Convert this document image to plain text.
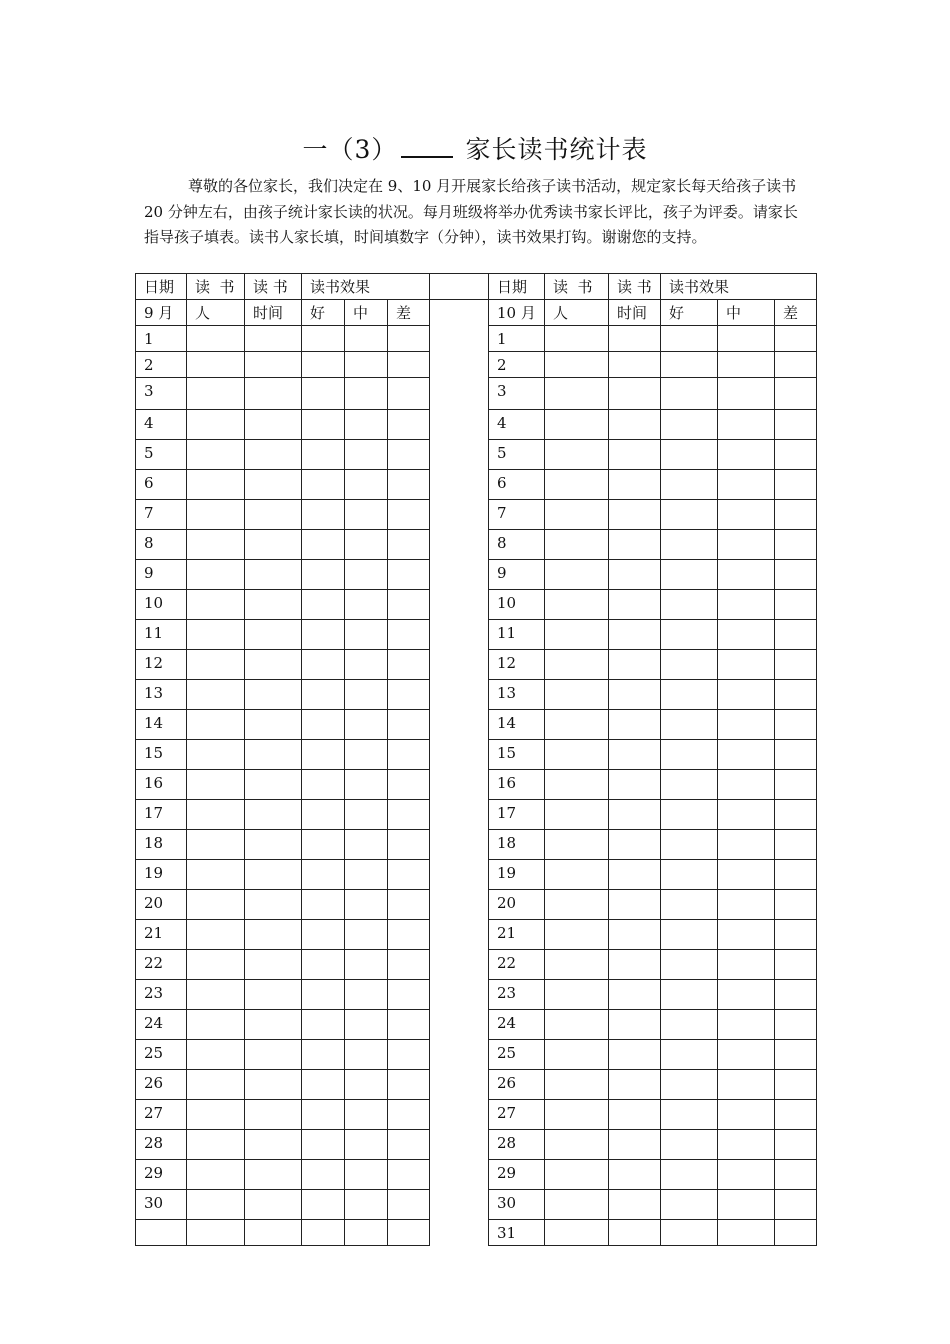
一（3）	家长读书统计表
尊敬的各位家长，我们决定在 9、10 月开展家长给孩子读书活动，规定家长每天给孩子读书 20 分钟左右，由孩子统计家长读的状况。每月班级将举办优秀读书家长评比，孩子为评委。请家长指导孩子填表。读书人家长填，时间填数字（分钟），读书效果打钩。谢谢您的支持。
日期	读  书	读 书	读书效果				日期	读  书	读 书	读书效果		
9 月	人	时间	好	中	差		10 月	人	时间	好	中	差
1							1					
2							2					
3							3					
4							4					
5							5					
6							6					
7							7					
8							8					
9							9					
10							10					
11							11					
12							12					
13							13					
14							14					
15							15					
16							16					
17							17					
18							18					
19							19					
20							20					
21							21					
22							22					
23							23					
24							24					
25							25					
26							26					
27							27					
28							28					
29							29					
30							30					
							31					
